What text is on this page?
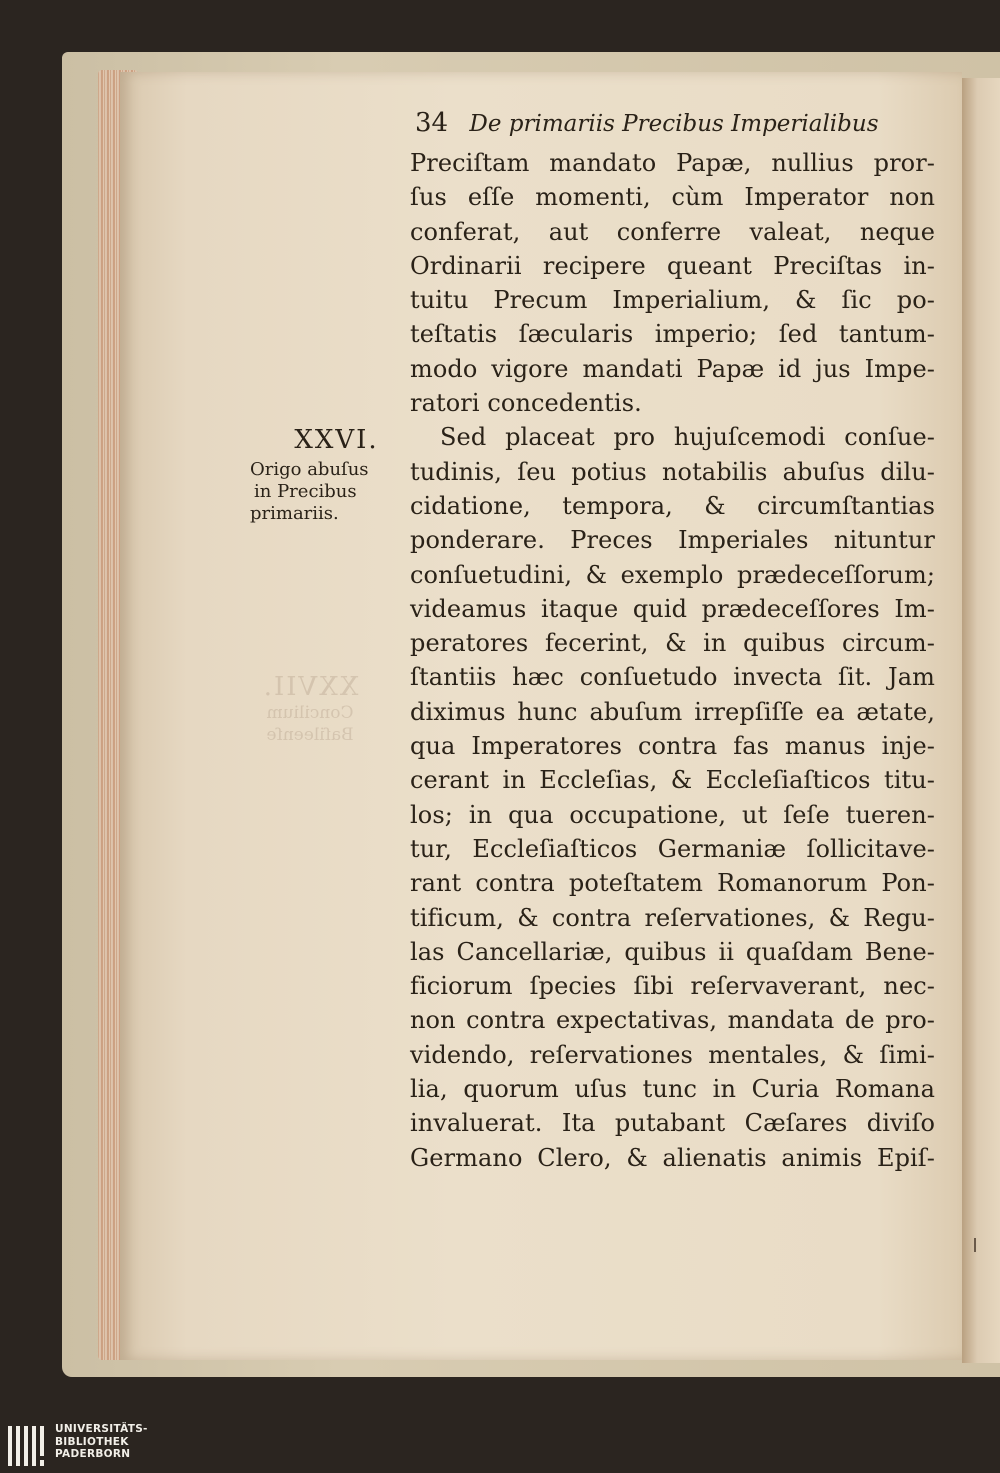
34 De primariis Precibus Imperialibus
XXVII.
Concilium
Baſileenſe
XXVI.
Origo abuſus
in Precibus
primariis.
Preciſtam mandato Papæ, nullius pror-
ſus eſſe momenti, cùm Imperator non
conferat, aut conferre valeat, neque
Ordinarii recipere queant Preciſtas in-
tuitu Precum Imperialium, & ſic po-
teſtatis ſæcularis imperio; ſed tantum-
modo vigore mandati Papæ id jus Impe-
ratori concedentis.
Sed placeat pro hujuſcemodi conſue-
tudinis, ſeu potius notabilis abuſus dilu-
cidatione, tempora, & circumſtantias
ponderare. Preces Imperiales nituntur
conſuetudini, & exemplo prædeceſſorum;
videamus itaque quid prædeceſſores Im-
peratores fecerint, & in quibus circum-
ſtantiis hæc conſuetudo invecta ſit. Jam
diximus hunc abuſum irrepſiſſe ea ætate,
qua Imperatores contra fas manus inje-
cerant in Eccleſias, & Eccleſiaſticos titu-
los; in qua occupatione, ut ſeſe tueren-
tur, Eccleſiaſticos Germaniæ ſollicitave-
rant contra poteſtatem Romanorum Pon-
tificum, & contra reſervationes, & Regu-
las Cancellariæ, quibus ii quaſdam Bene-
ficiorum ſpecies ſibi reſervaverant, nec-
non contra expectativas, mandata de pro-
videndo, reſervationes mentales, & ſimi-
lia, quorum uſus tunc in Curia Romana
invaluerat. Ita putabant Cæſares diviſo
Germano Clero, & alienatis animis Epiſ-
UNIVERSITÄTS-
BIBLIOTHEK
PADERBORN
